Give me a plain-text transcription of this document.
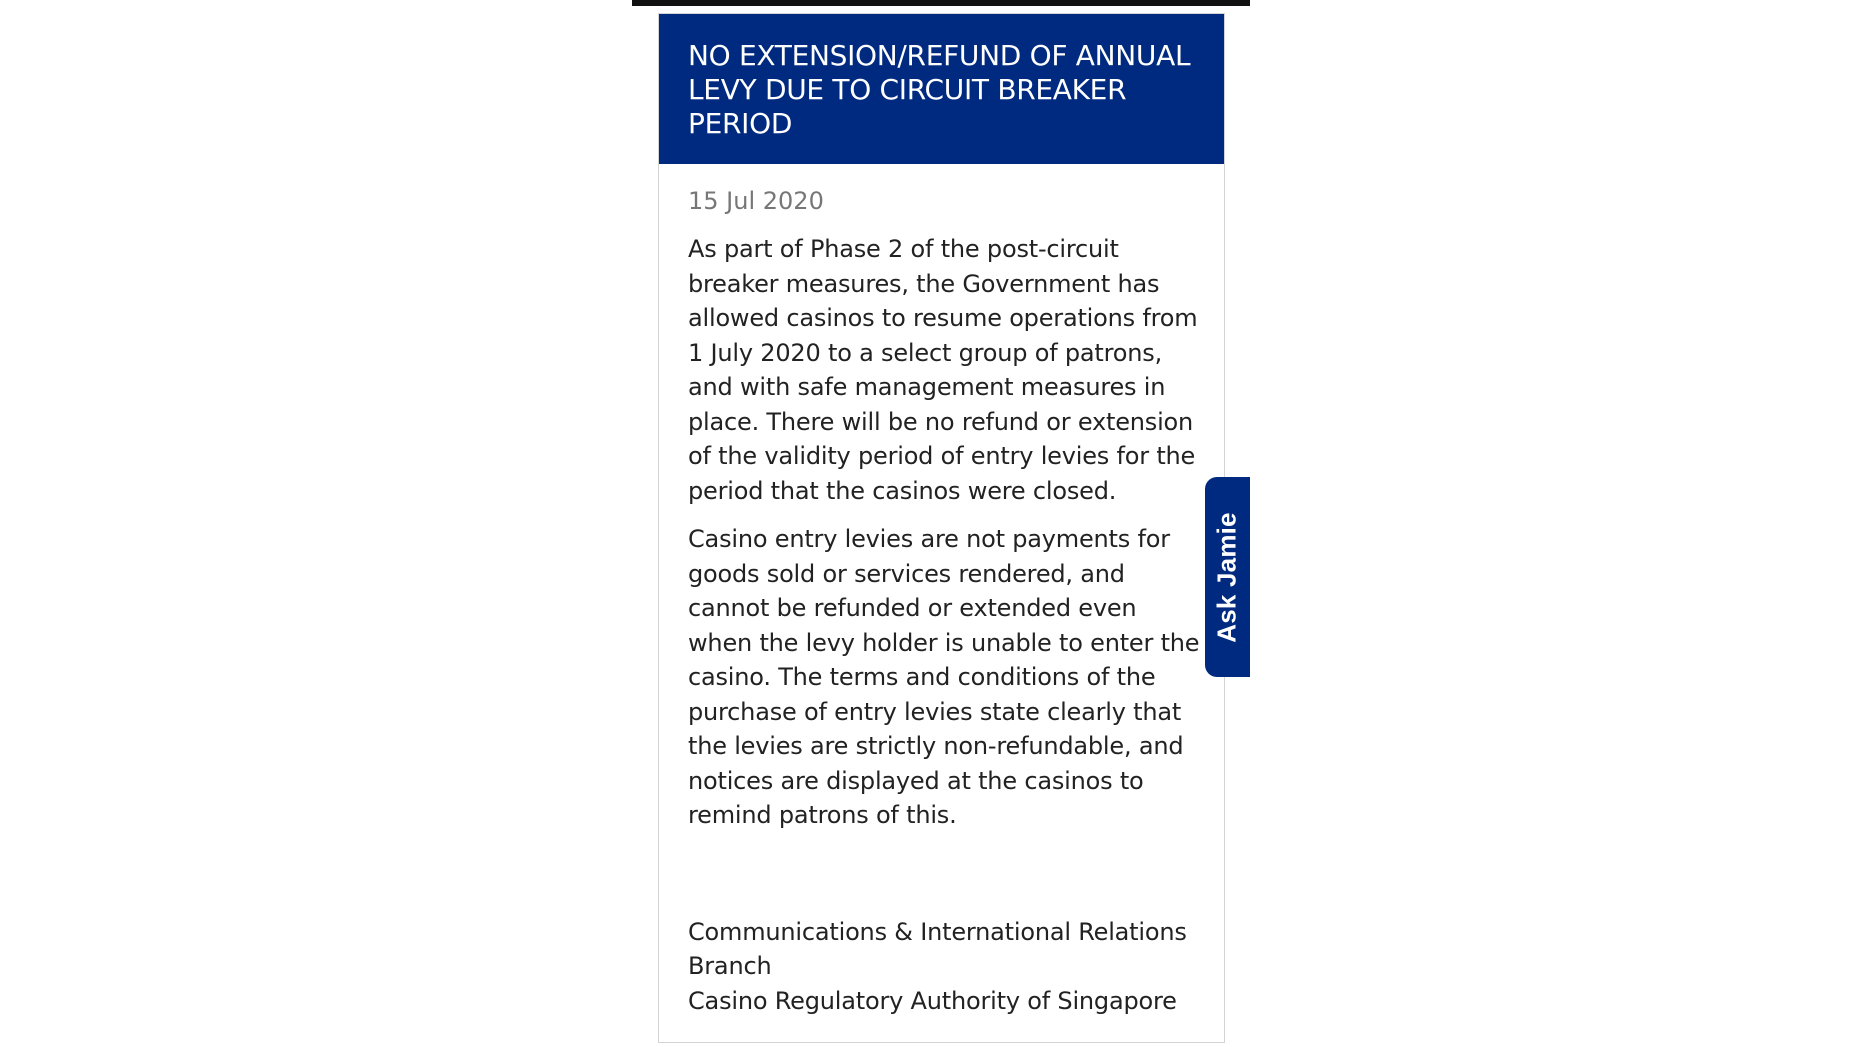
NO EXTENSION/REFUND OF ANNUAL LEVY DUE TO CIRCUIT BREAKER PERIOD
15 Jul 2020

As part of Phase 2 of the post-circuit breaker measures, the Government has allowed casinos to resume operations from 1 July 2020 to a select group of patrons, and with safe management measures in place. There will be no refund or extension of the validity period of entry levies for the period that the casinos were closed.

Casino entry levies are not payments for goods sold or services rendered, and cannot be refunded or extended even when the levy holder is unable to enter the casino. The terms and conditions of the purchase of entry levies state clearly that the levies are strictly non-refundable, and notices are displayed at the casinos to remind patrons of this.

Communications & International Relations Branch
Casino Regulatory Authority of Singapore
Ask Jamie
